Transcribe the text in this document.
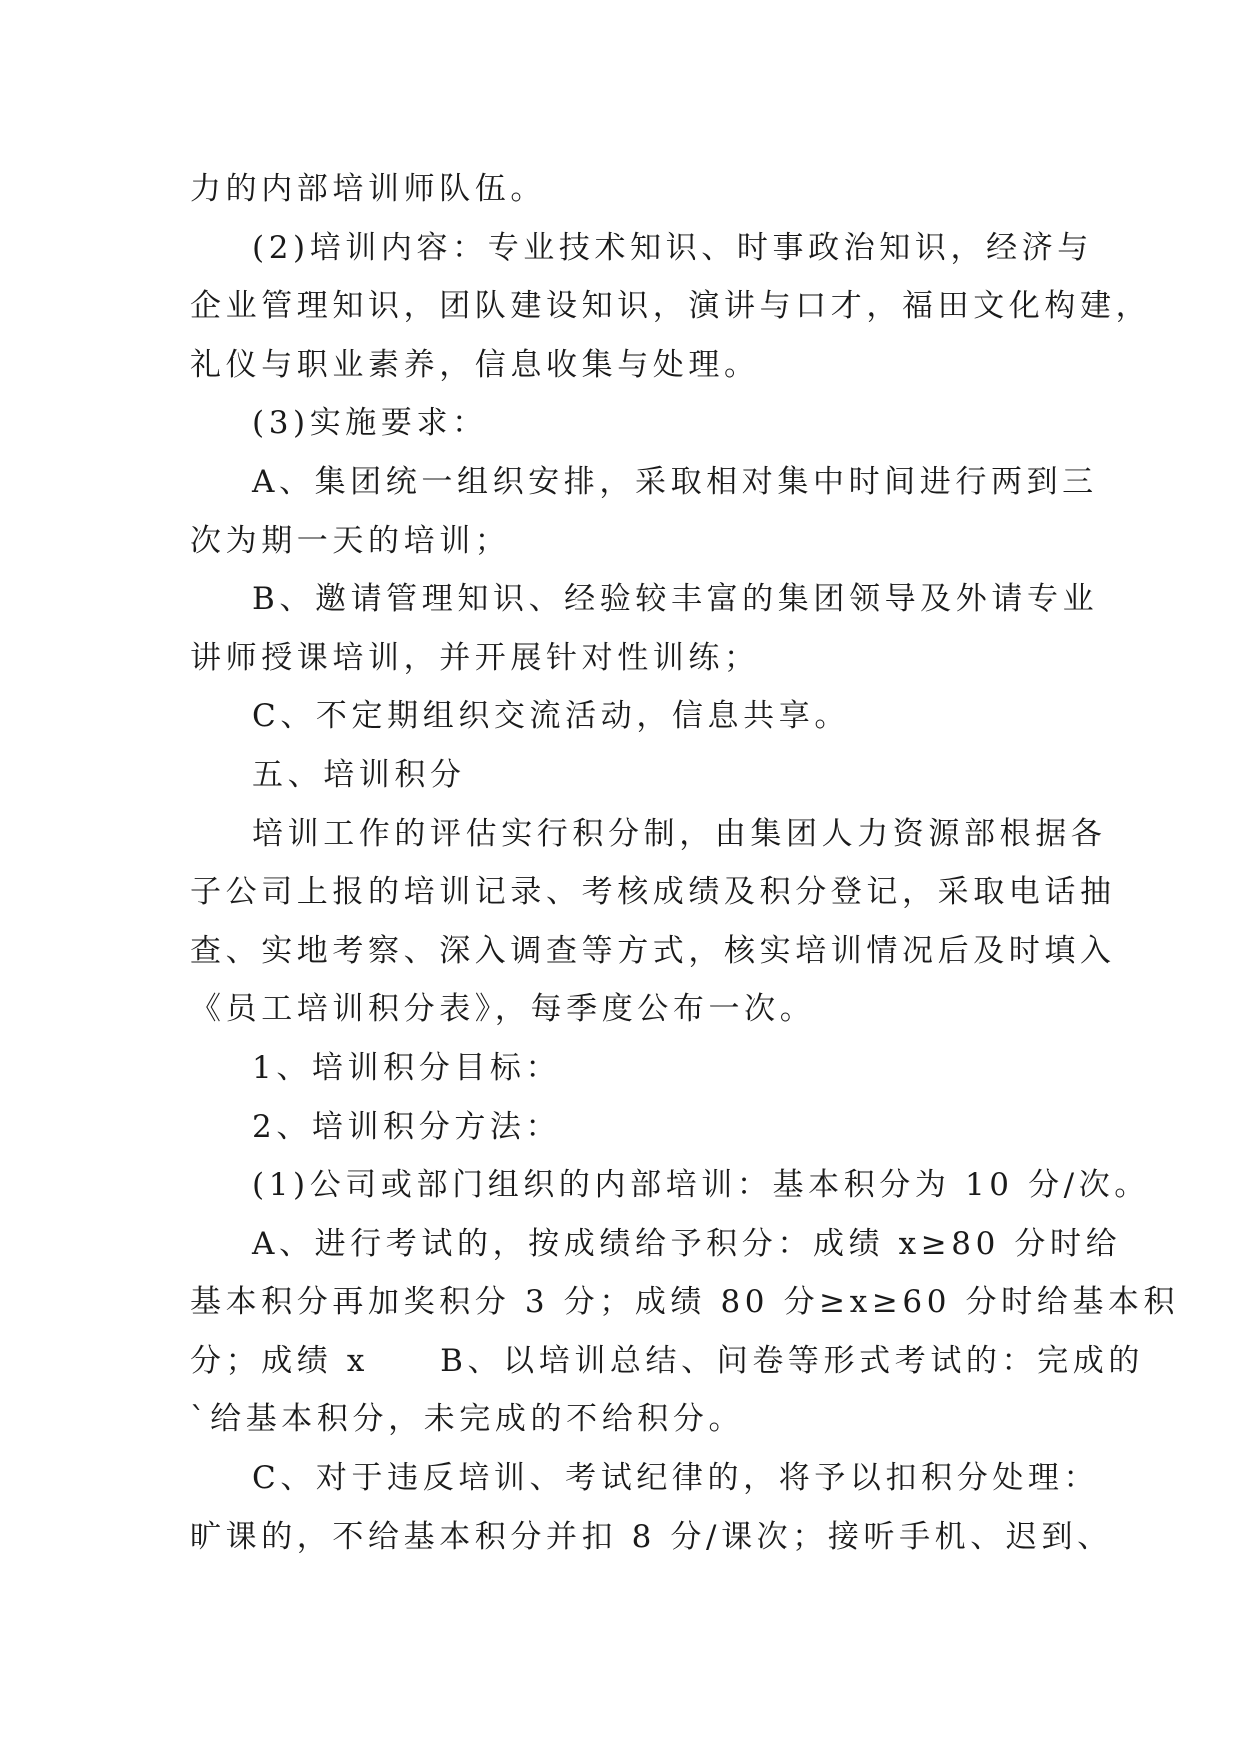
力的内部培训师队伍。
(2)培训内容：专业技术知识、时事政治知识，经济与
企业管理知识，团队建设知识，演讲与口才，福田文化构建，
礼仪与职业素养，信息收集与处理。
(3)实施要求：
A、集团统一组织安排，采取相对集中时间进行两到三
次为期一天的培训；
B、邀请管理知识、经验较丰富的集团领导及外请专业
讲师授课培训，并开展针对性训练；
C、不定期组织交流活动，信息共享。
五、培训积分
培训工作的评估实行积分制，由集团人力资源部根据各
子公司上报的培训记录、考核成绩及积分登记，采取电话抽
查、实地考察、深入调查等方式，核实培训情况后及时填入
《员工培训积分表》，每季度公布一次。
1、培训积分目标：
2、培训积分方法：
(1)公司或部门组织的内部培训：基本积分为 10 分/次。
A、进行考试的，按成绩给予积分：成绩 x≥80 分时给
基本积分再加奖积分 3 分；成绩 80 分≥x≥60 分时给基本积
分；成绩 x　　B、以培训总结、问卷等形式考试的：完成的
`给基本积分，未完成的不给积分。
C、对于违反培训、考试纪律的，将予以扣积分处理：
旷课的，不给基本积分并扣 8 分/课次；接听手机、迟到、
